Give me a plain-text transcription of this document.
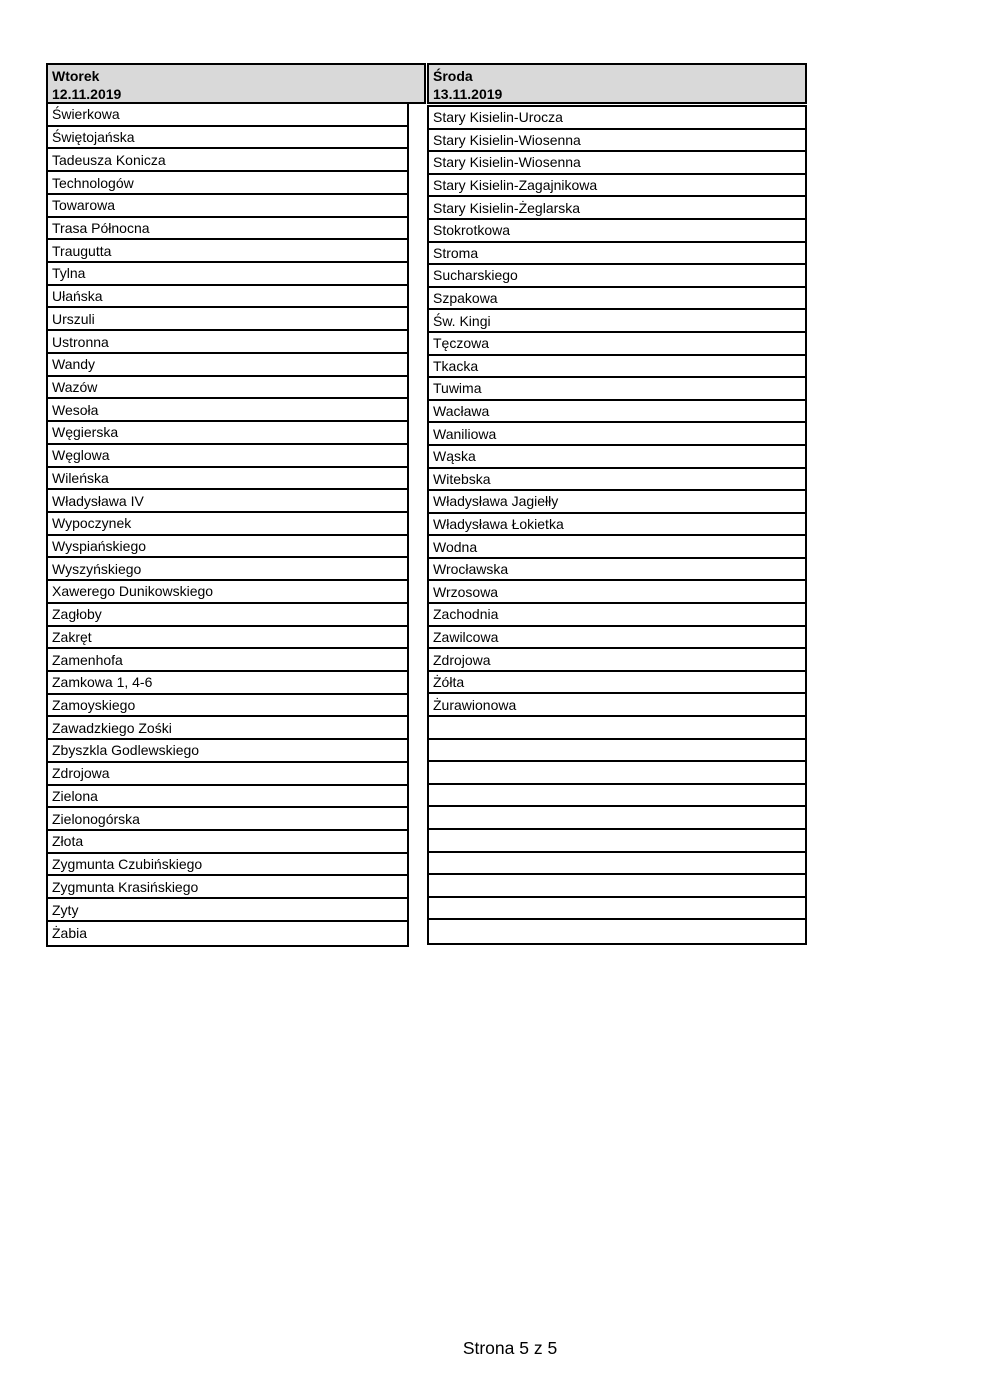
Wtorek
12.11.2019
Środa
13.11.2019
Świerkowa
Świętojańska
Tadeusza Konicza
Technologów
Towarowa
Trasa Północna
Traugutta
Tylna
Ułańska
Urszuli
Ustronna
Wandy
Wazów
Wesoła
Węgierska
Węglowa
Wileńska
Władysława IV
Wypoczynek
Wyspiańskiego
Wyszyńskiego
Xawerego Dunikowskiego
Zagłoby
Zakręt
Zamenhofa
Zamkowa 1, 4-6
Zamoyskiego
Zawadzkiego Zośki
Zbyszkla Godlewskiego
Zdrojowa
Zielona
Zielonogórska
Złota
Zygmunta Czubińskiego
Zygmunta Krasińskiego
Zyty
Żabia
Stary Kisielin-Urocza
Stary Kisielin-Wiosenna
Stary Kisielin-Wiosenna
Stary Kisielin-Zagajnikowa
Stary Kisielin-Żeglarska
Stokrotkowa
Stroma
Sucharskiego
Szpakowa
Św. Kingi
Tęczowa
Tkacka
Tuwima
Wacława
Waniliowa
Wąska
Witebska
Władysława Jagiełły
Władysława Łokietka
Wodna
Wrocławska
Wrzosowa
Zachodnia
Zawilcowa
Zdrojowa
Żółta
Żurawionowa
Strona 5 z 5
